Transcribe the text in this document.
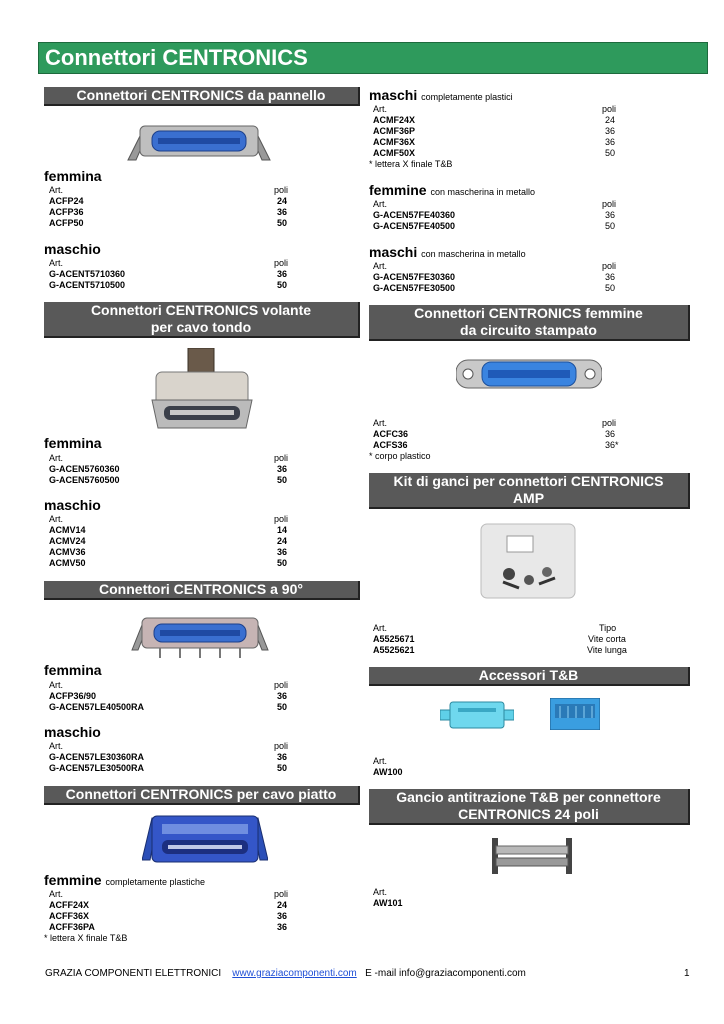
Connettori CENTRONICS
Connettori CENTRONICS da pannello
femmina
Art.	poli
ACFP24	24
ACFP36	36
ACFP50	50
maschio
Art.	poli
G-ACENT5710360	36
G-ACENT5710500	50
Connettori CENTRONICS volante
per cavo tondo
femmina
Art.	poli
G-ACEN5760360	36
G-ACEN5760500	50
maschio
Art.	poli
ACMV14	14
ACMV24	24
ACMV36	36
ACMV50	50
Connettori CENTRONICS a 90°
femmina
Art.	poli
ACFP36/90	36
G-ACEN57LE40500RA	50
maschio
Art.	poli
G-ACEN57LE30360RA	36
G-ACEN57LE30500RA	50
Connettori CENTRONICS per cavo piatto
femmine completamente plastiche
Art.	poli
ACFF24X	24
ACFF36X	36
ACFF36PA	36
* lettera X finale T&B
maschi completamente plastici
Art.	poli
ACMF24X	24
ACMF36P	36
ACMF36X	36
ACMF50X	50
* lettera X finale T&B
femmine con mascherina in metallo
Art.	poli
G-ACEN57FE40360	36
G-ACEN57FE40500	50
maschi con mascherina in metallo
Art.	poli
G-ACEN57FE30360	36
G-ACEN57FE30500	50
Connettori CENTRONICS femmine
da circuito stampato
Art.	poli
ACFC36	36
ACFS36	36*
* corpo plastico
Kit di ganci per connettori CENTRONICS
AMP
Art.	Tipo
A5525671	Vite corta
A5525621	Vite lunga
Accessori T&B
Art.
AW100
Gancio antitrazione T&B per connettore
CENTRONICS 24 poli
Art.
AW101
GRAZIA COMPONENTI ELETTRONICI www.graziacomponenti.com E -mail info@graziacomponenti.com	1
